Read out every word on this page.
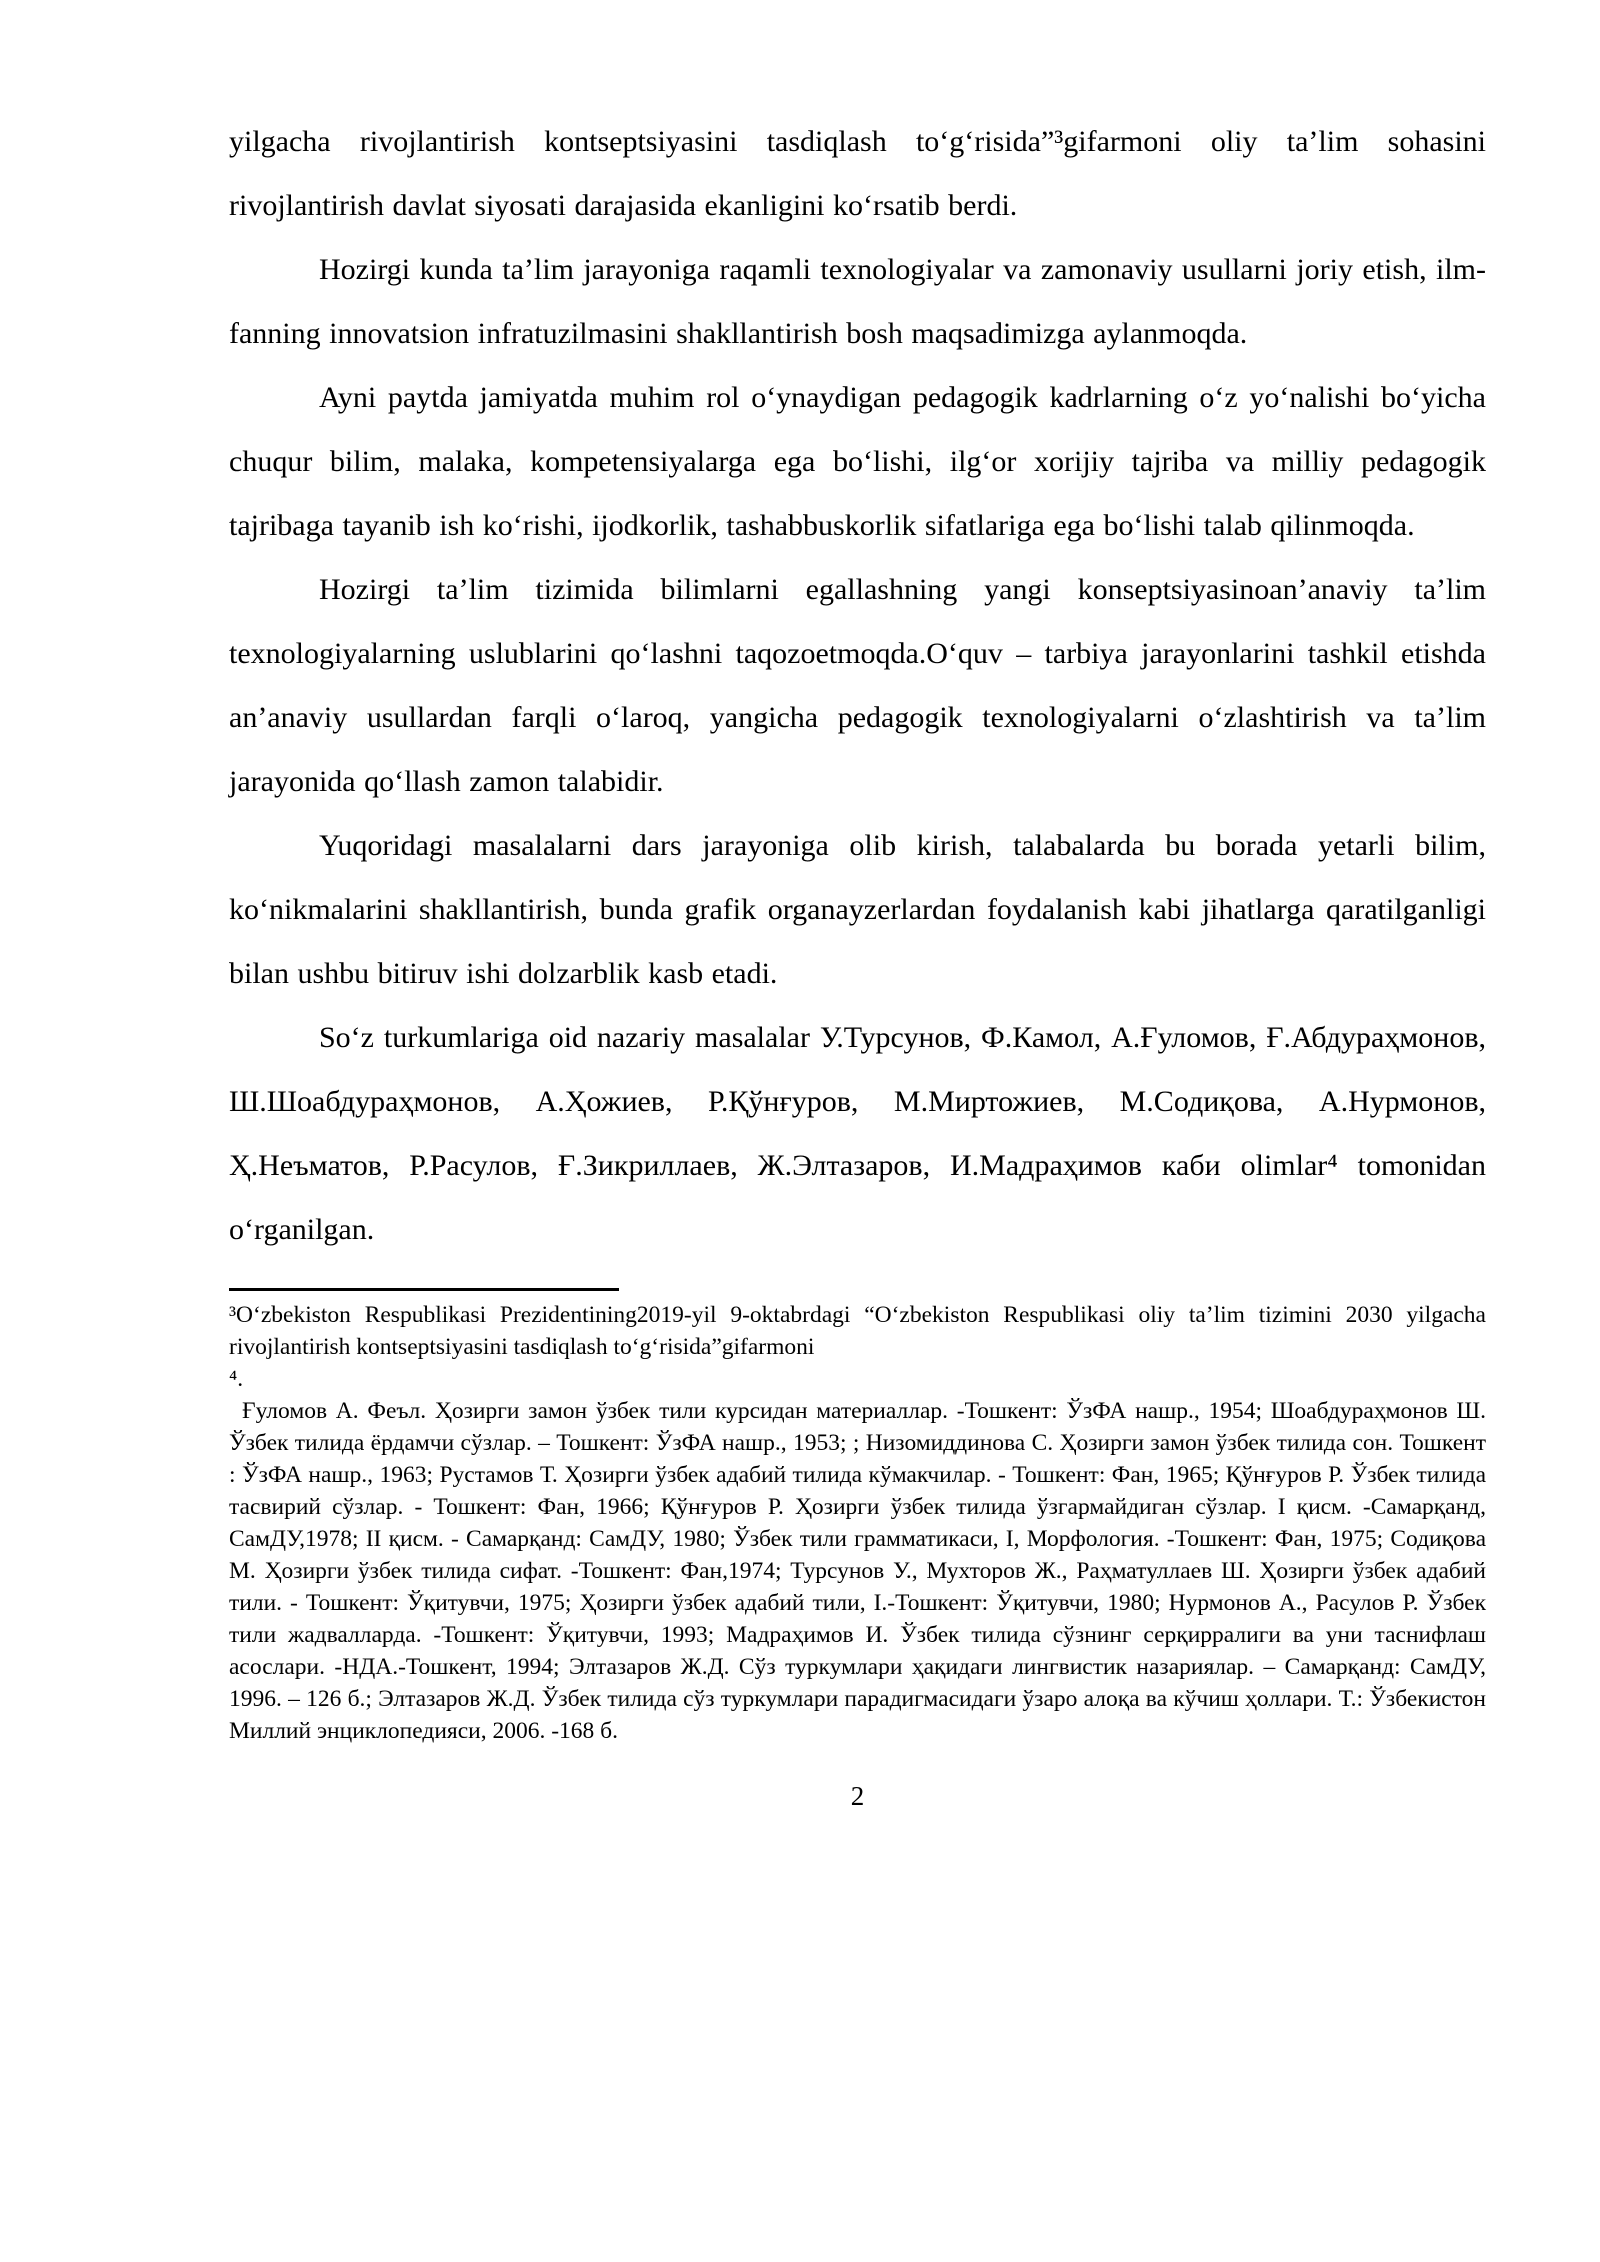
yilgacha rivojlantirish kontseptsiyasini tasdiqlash to‘g‘risida”³gifarmoni oliy ta’lim sohasini rivojlantirish davlat siyosati darajasida ekanligini ko‘rsatib berdi.

Hozirgi kunda ta’lim jarayoniga raqamli texnologiyalar va zamonaviy usullarni joriy etish, ilm-fanning innovatsion infratuzilmasini shakllantirish bosh maqsadimizga aylanmoqda.

Ayni paytda jamiyatda muhim rol o‘ynaydigan pedagogik kadrlarning o‘z yo‘nalishi bo‘yicha chuqur bilim, malaka, kompetensiyalarga ega bo‘lishi, ilg‘or xorijiy tajriba va milliy pedagogik tajribaga tayanib ish ko‘rishi, ijodkorlik, tashabbuskorlik sifatlariga ega bo‘lishi talab qilinmoqda.

Hozirgi ta’lim tizimida bilimlarni egallashning yangi konseptsiyasinoan’anaviy ta’lim texnologiyalarning uslublarini qo‘lashni taqozoetmoqda.O‘quv – tarbiya jarayonlarini tashkil etishda an’anaviy usullardan farqli o‘laroq, yangicha pedagogik texnologiyalarni o‘zlashtirish va ta’lim jarayonida qo‘llash zamon talabidir.

Yuqoridagi masalalarni dars jarayoniga olib kirish, talabalarda bu borada yetarli bilim, ko‘nikmalarini shakllantirish, bunda grafik organayzerlardan foydalanish kabi jihatlarga qaratilganligi bilan ushbu bitiruv ishi dolzarblik kasb etadi.

So‘z turkumlariga oid nazariy masalalar У.Турсунов, Ф.Камол, А.Ғуломов, Ғ.Абдураҳмонов, Ш.Шоабдураҳмонов, А.Ҳожиев, Р.Қўнғуров, М.Миртожиев, М.Содиқова, А.Нурмонов, Ҳ.Неъматов, Р.Расулов, Ғ.Зикриллаев, Ж.Элтазаров, И.Мадраҳимов каби olimlar⁴ tomonidan o‘rganilgan.

³O‘zbekiston Respublikasi Prezidentining2019-yil 9-oktabrdagi “O‘zbekiston Respublikasi oliy ta’lim tizimini 2030 yilgacha rivojlantirish kontseptsiyasini tasdiqlash to‘g‘risida”gifarmoni

⁴.

Ғуломов А. Феъл. Ҳозирги замон ўзбек тили курсидан материаллар. -Тошкент: ЎзФА нашр., 1954; Шоабдураҳмонов Ш. Ўзбек тилида ёрдамчи сўзлар. – Тошкент: ЎзФА нашр., 1953; ; Низомиддинова С. Ҳозирги замон ўзбек тилида сон. Тошкент : ЎзФА нашр., 1963; Рустамов Т. Ҳозирги ўзбек адабий тилида кўмакчилар. - Тошкент: Фан, 1965; Қўнғуров Р. Ўзбек тилида тасвирий сўзлар. - Тошкент: Фан, 1966; Қўнғуров Р. Ҳозирги ўзбек тилида ўзгармайдиган сўзлар. I қисм. -Самарқанд, СамДУ,1978; II қисм. - Самарқанд: СамДУ, 1980; Ўзбек тили грамматикаси, I, Морфология. -Тошкент: Фан, 1975; Содиқова М. Ҳозирги ўзбек тилида сифат. -Тошкент: Фан,1974; Турсунов У., Мухторов Ж., Раҳматуллаев Ш. Ҳозирги ўзбек адабий тили. - Тошкент: Ўқитувчи, 1975; Ҳозирги ўзбек адабий тили, I.-Тошкент: Ўқитувчи, 1980; Нурмонов А., Расулов Р. Ўзбек тили жадвалларда. -Тошкент: Ўқитувчи, 1993; Мадраҳимов И. Ўзбек тилида сўзнинг серқирралиги ва уни таснифлаш асослари. -НДА.-Тошкент, 1994; Элтазаров Ж.Д. Сўз туркумлари ҳақидаги лингвистик назариялар. – Самарқанд: СамДУ, 1996. – 126 б.; Элтазаров Ж.Д. Ўзбек тилида сўз туркумлари парадигмасидаги ўзаро алоқа ва кўчиш ҳоллари. Т.: Ўзбекистон Миллий энциклопедияси, 2006. -168 б.

2
